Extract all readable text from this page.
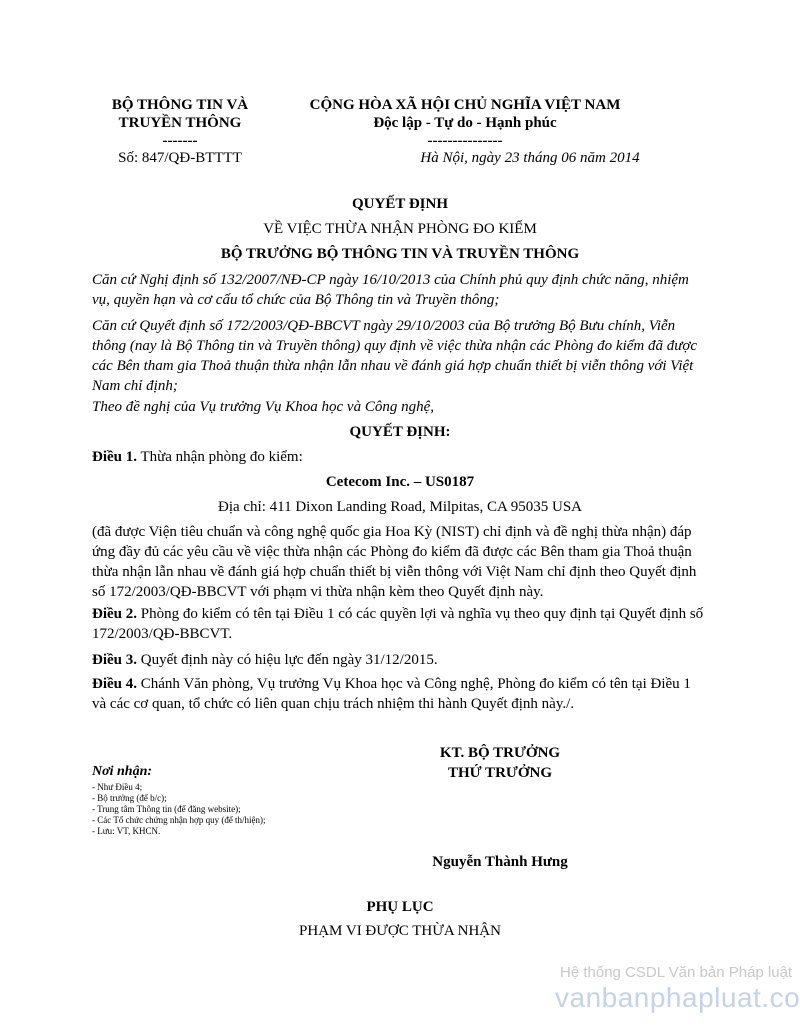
BỘ THÔNG TIN VÀ
TRUYỀN THÔNG
-------
Số: 847/QĐ-BTTTT
CỘNG HÒA XÃ HỘI CHỦ NGHĨA VIỆT NAM
Độc lập - Tự do - Hạnh phúc
---------------
Hà Nội, ngày 23 tháng 06 năm 2014
QUYẾT ĐỊNH
VỀ VIỆC THỪA NHẬN PHÒNG ĐO KIỂM
BỘ TRƯỞNG BỘ THÔNG TIN VÀ TRUYỀN THÔNG
Căn cứ Nghị định số 132/2007/NĐ-CP ngày 16/10/2013 của Chính phủ quy định chức năng, nhiệm vụ, quyền hạn và cơ cấu tổ chức của Bộ Thông tin và Truyền thông;
Căn cứ Quyết định số 172/2003/QĐ-BBCVT ngày 29/10/2003 của Bộ trưởng Bộ Bưu chính, Viễn thông (nay là Bộ Thông tin và Truyền thông) quy định về việc thừa nhận các Phòng đo kiểm đã được các Bên tham gia Thoả thuận thừa nhận lẫn nhau về đánh giá hợp chuẩn thiết bị viễn thông với Việt Nam chỉ định;
Theo đề nghị của Vụ trưởng Vụ Khoa học và Công nghệ,
QUYẾT ĐỊNH:
Điều 1. Thừa nhận phòng đo kiểm:
Cetecom Inc. – US0187
Địa chỉ: 411 Dixon Landing Road, Milpitas, CA 95035 USA
(đã được Viện tiêu chuẩn và công nghệ quốc gia Hoa Kỳ (NIST) chỉ định và đề nghị thừa nhận) đáp ứng đầy đủ các yêu cầu về việc thừa nhận các Phòng đo kiểm đã được các Bên tham gia Thoả thuận thừa nhận lẫn nhau về đánh giá hợp chuẩn thiết bị viễn thông với Việt Nam chỉ định theo Quyết định số 172/2003/QĐ-BBCVT với phạm vi thừa nhận kèm theo Quyết định này.
Điều 2. Phòng đo kiểm có tên tại Điều 1 có các quyền lợi và nghĩa vụ theo quy định tại Quyết định số 172/2003/QĐ-BBCVT.
Điều 3. Quyết định này có hiệu lực đến ngày 31/12/2015.
Điều 4. Chánh Văn phòng, Vụ trưởng Vụ Khoa học và Công nghệ, Phòng đo kiểm có tên tại Điều 1 và các cơ quan, tổ chức có liên quan chịu trách nhiệm thi hành Quyết định này./.
KT. BỘ TRƯỞNG
THỨ TRƯỞNG
Nguyễn Thành Hưng
Nơi nhận:
- Như Điều 4;
- Bộ trưởng (để b/c);
- Trung tâm Thông tin (để đăng website);
- Các Tổ chức chứng nhận hợp quy (để th/hiện);
- Lưu: VT, KHCN.
PHỤ LỤC
PHẠM VI ĐƯỢC THỪA NHẬN
Hệ thống CSDL Văn bản Pháp luật
vanbanphapluat.co
